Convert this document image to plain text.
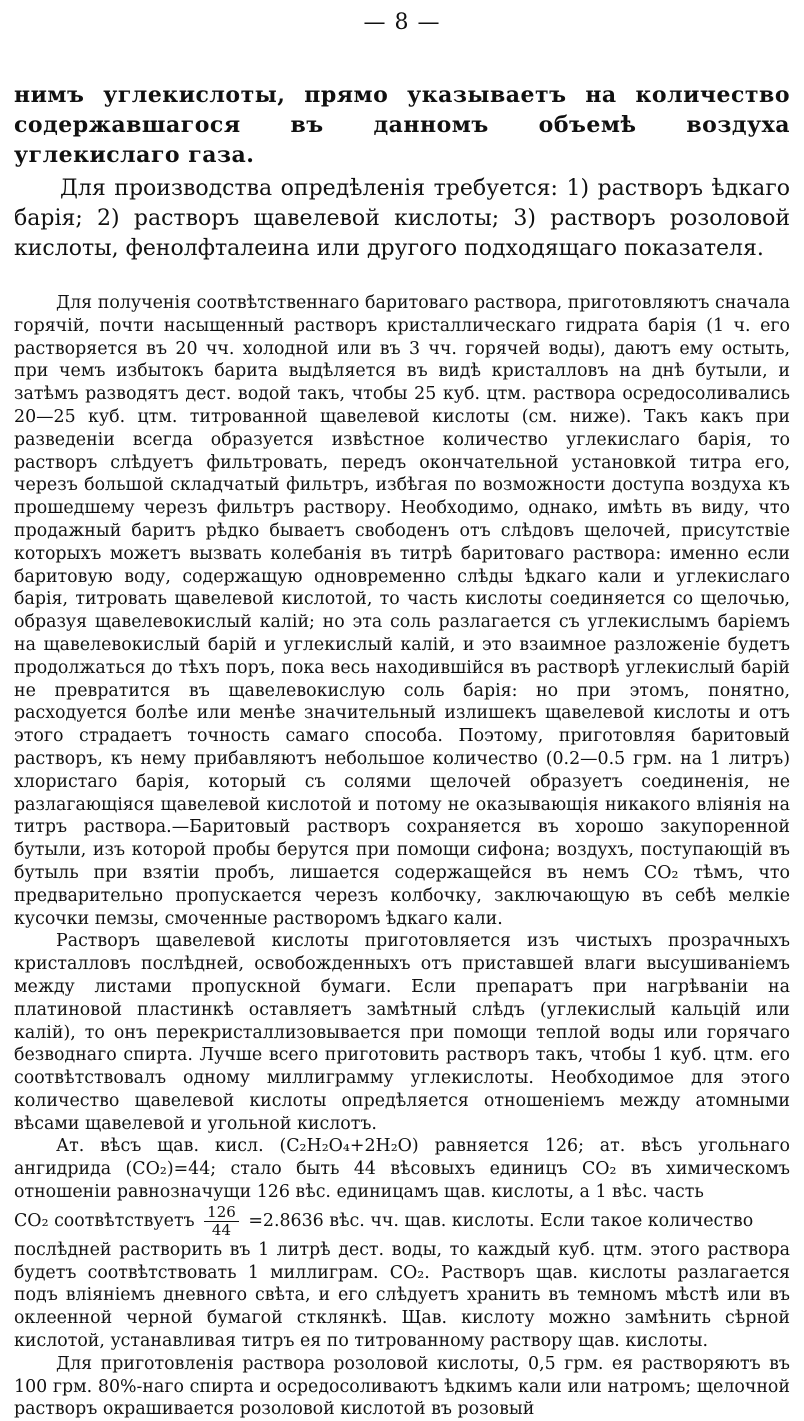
— 8 —

нимъ углекислоты, прямо указываетъ на количество содержавшагося въ данномъ объемѣ воздуха углекислаго газа.

Для производства опредѣленія требуется: 1) растворъ ѣдкаго барія; 2) растворъ щавелевой кислоты; 3) растворъ розоловой кислоты, фенолфталеина или другого подходящаго показателя.

Для полученія соотвѣтственнаго баритоваго раствора, приготовляютъ сначала горячій, почти насыщенный растворъ кристаллическаго гидрата барія (1 ч. его растворяется въ 20 чч. холодной или въ 3 чч. горячей воды), даютъ ему остыть, при чемъ избытокъ барита выдѣляется въ видѣ кристалловъ на днѣ бутыли, и затѣмъ разводятъ дест. водой такъ, чтобы 25 куб. цтм. раствора осредосоливались 20—25 куб. цтм. титрованной щавелевой кислоты (см. ниже). Такъ какъ при разведеніи всегда образуется извѣстное количество углекислаго барія, то растворъ слѣдуетъ фильтровать, передъ окончательной установкой титра его, черезъ большой складчатый фильтръ, избѣгая по возможности доступа воздуха къ прошедшему черезъ фильтръ раствору. Необходимо, однако, имѣть въ виду, что продажный баритъ рѣдко бываетъ свободенъ отъ слѣдовъ щелочей, присутствіе которыхъ можетъ вызвать колебанія въ титрѣ баритоваго раствора: именно если баритовую воду, содержащую одновременно слѣды ѣдкаго кали и углекислаго барія, титровать щавелевой кислотой, то часть кислоты соединяется со щелочью, образуя щавелевокислый калій; но эта соль разлагается съ углекислымъ баріемъ на щавелевокислый барій и углекислый калій, и это взаимное разложеніе будетъ продолжаться до тѣхъ поръ, пока весь находившійся въ растворѣ углекислый барій не превратится въ щавелевокислую соль барія: но при этомъ, понятно, расходуется болѣе или менѣе значительный излишекъ щавелевой кислоты и отъ этого страдаетъ точность самаго способа. Поэтому, приготовляя баритовый растворъ, къ нему прибавляютъ небольшое количество (0.2—0.5 грм. на 1 литръ) хлористаго барія, который съ солями щелочей образуетъ соединенія, не разлагающіяся щавелевой кислотой и потому не оказывающія никакого вліянія на титръ раствора.—Баритовый растворъ сохраняется въ хорошо закупоренной бутыли, изъ которой пробы берутся при помощи сифона; воздухъ, поступающій въ бутыль при взятіи пробъ, лишается содержащейся въ немъ CO₂ тѣмъ, что предварительно пропускается черезъ колбочку, заключающую въ себѣ мелкіе кусочки пемзы, смоченные растворомъ ѣдкаго кали.

Растворъ щавелевой кислоты приготовляется изъ чистыхъ прозрачныхъ кристалловъ послѣдней, освобожденныхъ отъ приставшей влаги высушиваніемъ между листами пропускной бумаги. Если препаратъ при нагрѣваніи на платиновой пластинкѣ оставляетъ замѣтный слѣдъ (углекислый кальцій или калій), то онъ перекристаллизовывается при помощи теплой воды или горячаго безводнаго спирта. Лучше всего приготовить растворъ такъ, чтобы 1 куб. цтм. его соотвѣтствовалъ одному миллиграмму углекислоты. Необходимое для этого количество щавелевой кислоты опредѣляется отношеніемъ между атомными вѣсами щавелевой и угольной кислотъ.

Ат. вѣсъ щав. кисл. (C₂H₂O₄+2H₂O) равняется 126; ат. вѣсъ угольнаго ангидрида (CO₂)=44; стало быть 44 вѣсовыхъ единицъ CO₂ въ химическомъ отношеніи равнозначущи 126 вѣс. единицамъ щав. кислоты, а 1 вѣс. часть

CO₂ соотвѣтствуетъ $\frac{126}{44} =2.8636$ вѣс. чч. щав. кислоты. Если такое количество

послѣдней растворить въ 1 литрѣ дест. воды, то каждый куб. цтм. этого раствора будетъ соотвѣтствовать 1 миллиграм. CO₂. Растворъ щав. кислоты разлагается подъ вліяніемъ дневного свѣта, и его слѣдуетъ хранить въ темномъ мѣстѣ или въ оклеенной черной бумагой стклянкѣ. Щав. кислоту можно замѣнить сѣрной кислотой, устанавливая титръ ея по титрованному раствору щав. кислоты.

Для приготовленія раствора розоловой кислоты, 0,5 грм. ея растворяютъ въ 100 грм. 80%-наго спирта и осредосоливаютъ ѣдкимъ кали или натромъ; щелочной растворъ окрашивается розоловой кислотой въ розовый
